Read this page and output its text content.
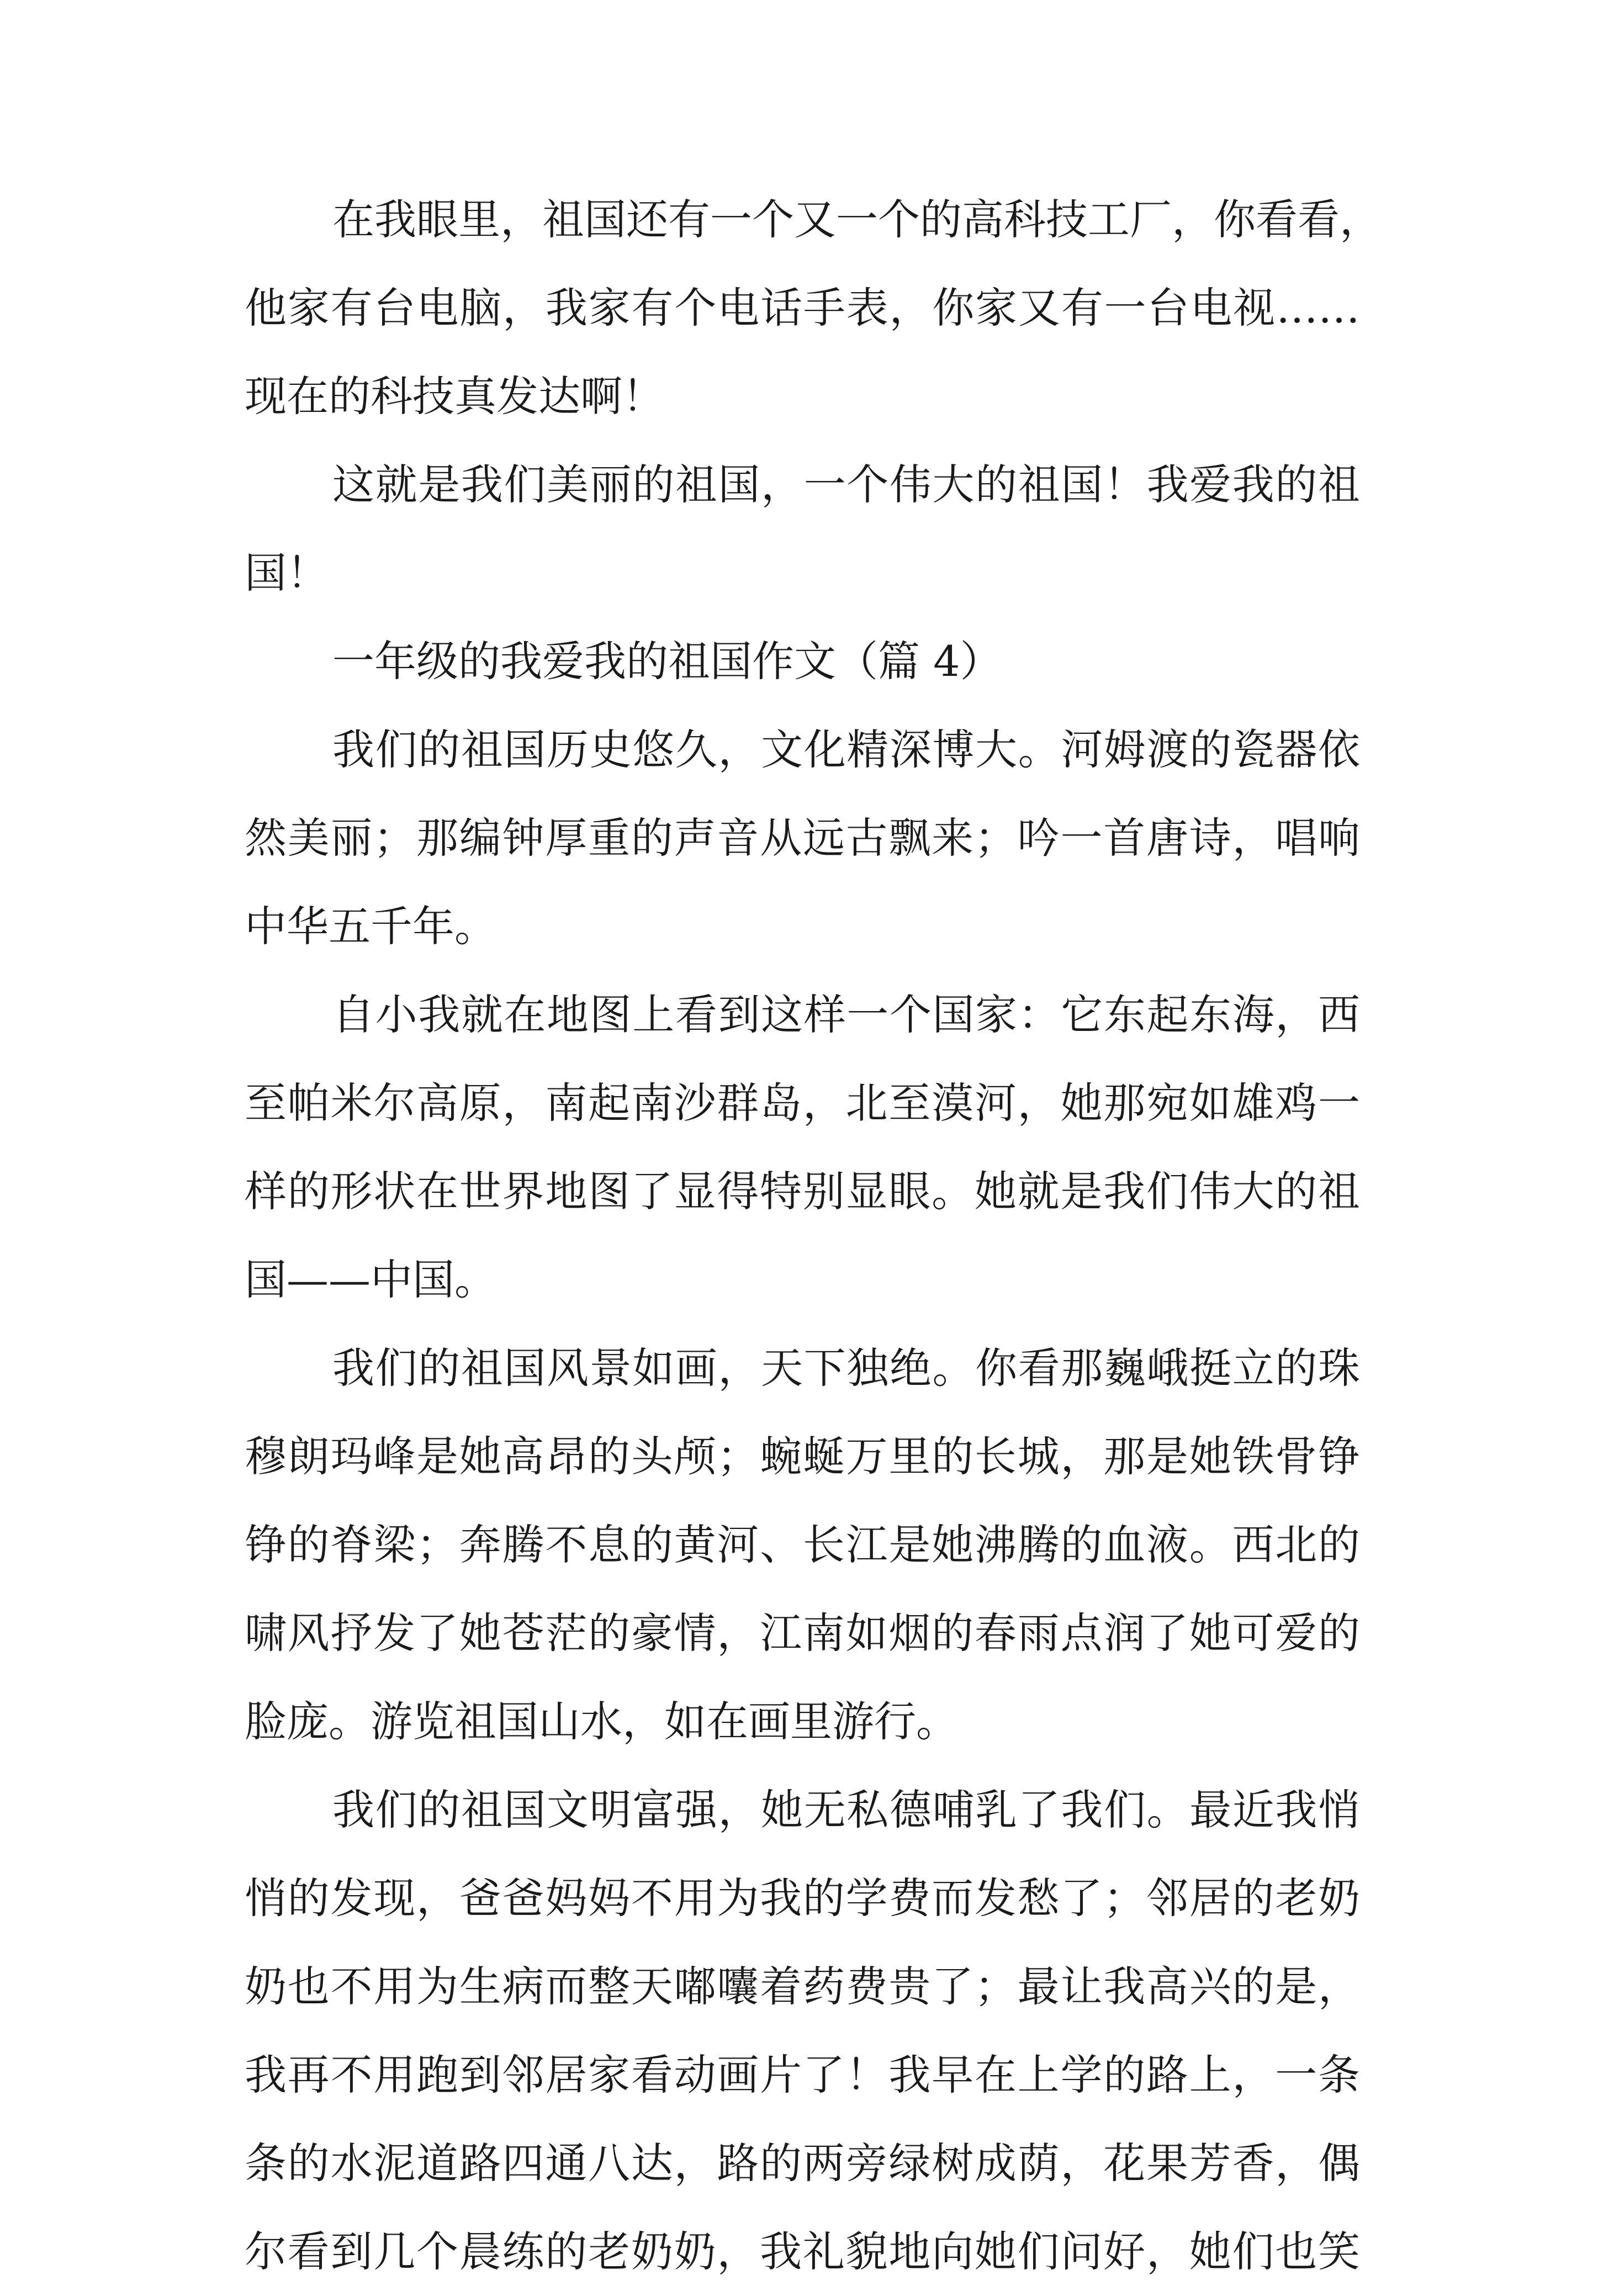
在我眼里，祖国还有一个又一个的高科技工厂，你看看，
他家有台电脑，我家有个电话手表，你家又有一台电视……
现在的科技真发达啊！
这就是我们美丽的祖国，一个伟大的祖国！我爱我的祖
国！
一年级的我爱我的祖国作文（篇 4）
我们的祖国历史悠久，文化精深博大。河姆渡的瓷器依
然美丽；那编钟厚重的声音从远古飘来；吟一首唐诗，唱响
中华五千年。
自小我就在地图上看到这样一个国家：它东起东海，西
至帕米尔高原，南起南沙群岛，北至漠河，她那宛如雄鸡一
样的形状在世界地图了显得特别显眼。她就是我们伟大的祖
国——中国。
我们的祖国风景如画，天下独绝。你看那巍峨挺立的珠
穆朗玛峰是她高昂的头颅；蜿蜒万里的长城，那是她铁骨铮
铮的脊梁；奔腾不息的黄河、长江是她沸腾的血液。西北的
啸风抒发了她苍茫的豪情，江南如烟的春雨点润了她可爱的
脸庞。游览祖国山水，如在画里游行。
我们的祖国文明富强，她无私德哺乳了我们。最近我悄
悄的发现，爸爸妈妈不用为我的学费而发愁了；邻居的老奶
奶也不用为生病而整天嘟囔着药费贵了；最让我高兴的是，
我再不用跑到邻居家看动画片了！我早在上学的路上，一条
条的水泥道路四通八达，路的两旁绿树成荫，花果芳香，偶
尔看到几个晨练的老奶奶，我礼貌地向她们问好，她们也笑
